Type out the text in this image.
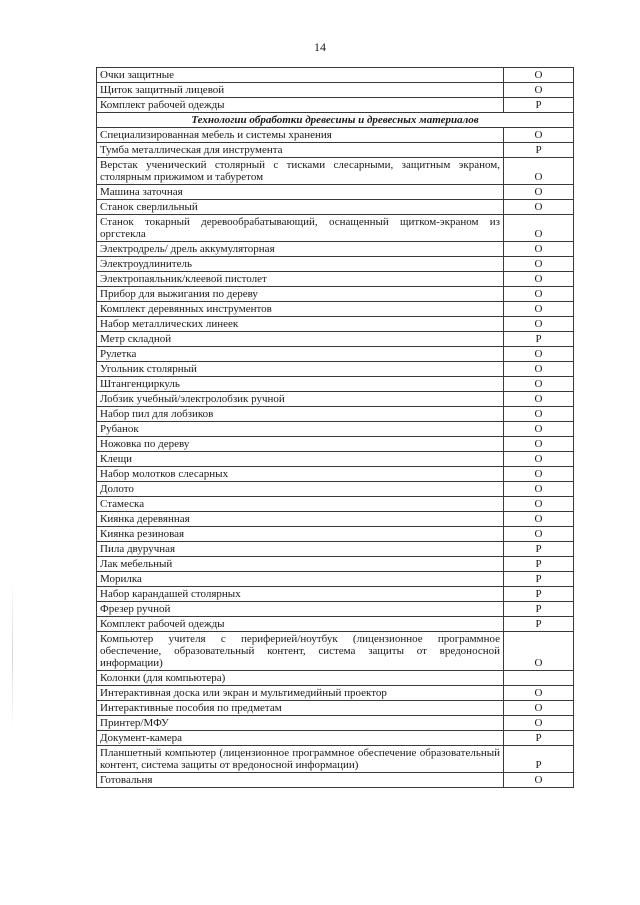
14
Очки защитные	О
Щиток защитный лицевой	О
Комплект рабочей одежды	Р
Технологии обработки древесины и древесных материалов	
Специализированная мебель и системы хранения	О
Тумба металлическая для инструмента	Р
Верстак ученический столярный с тисками слесарными, защитным экраном, столярным прижимом и табуретом	О
Машина заточная	О
Станок сверлильный	О
Станок токарный деревообрабатывающий, оснащенный щитком-экраном из оргстекла	О
Электродрель/ дрель аккумуляторная	О
Электроудлинитель	О
Электропаяльник/клеевой пистолет	О
Прибор для выжигания по дереву	О
Комплект деревянных инструментов	О
Набор металлических линеек	О
Метр складной	Р
Рулетка	О
Угольник столярный	О
Штангенциркуль	О
Лобзик учебный/электролобзик ручной	О
Набор пил для лобзиков	О
Рубанок	О
Ножовка по дереву	О
Клещи	О
Набор молотков слесарных	О
Долото	О
Стамеска	О
Киянка деревянная	О
Киянка резиновая	О
Пила двуручная	Р
Лак мебельный	Р
Морилка	Р
Набор карандашей столярных	Р
Фрезер ручной	Р
Комплект рабочей одежды	Р
Компьютер учителя с периферией/ноутбук (лицензионное программное обеспечение, образовательный контент, система защиты от вредоносной информации)	О
Колонки (для компьютера)	
Интерактивная доска или экран и мультимедийный проектор	О
Интерактивные пособия по предметам	О
Принтер/МФУ	О
Документ-камера	Р
Планшетный компьютер (лицензионное программное обеспечение образовательный контент, система защиты от вредоносной информации)	Р
Готовальня	О
